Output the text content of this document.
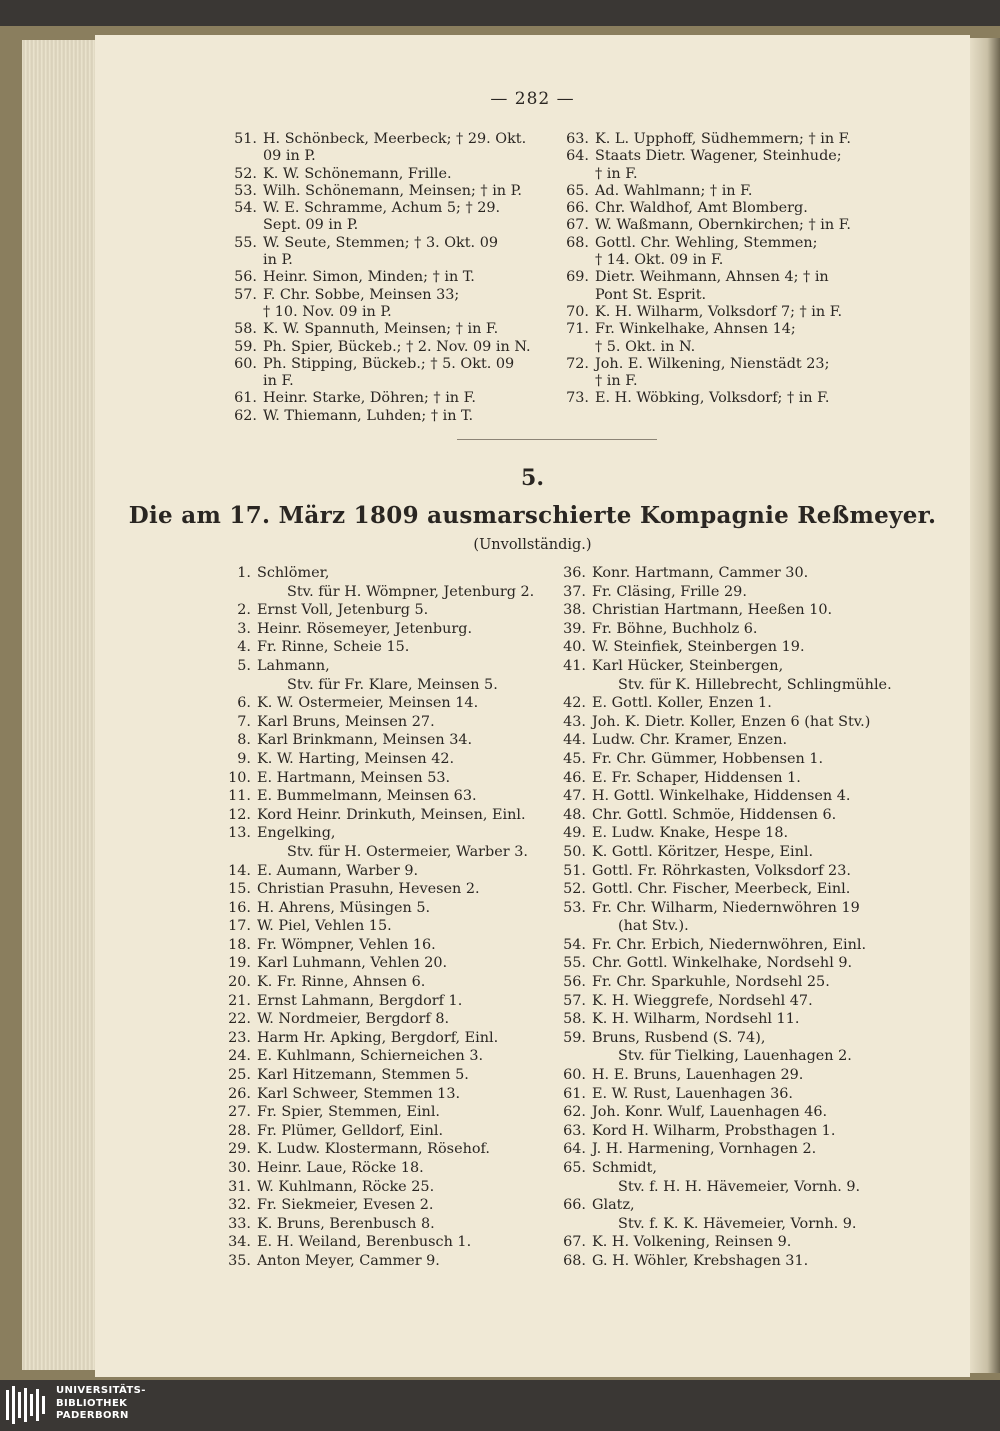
— 282 —
51. H. Schönbeck, Meerbeck; † 29. Okt.
09 in P.
52. K. W. Schönemann, Frille.
53. Wilh. Schönemann, Meinsen; † in P.
54. W. E. Schramme, Achum 5; † 29.
Sept. 09 in P.
55. W. Seute, Stemmen; † 3. Okt. 09
in P.
56. Heinr. Simon, Minden; † in T.
57. F. Chr. Sobbe, Meinsen 33;
† 10. Nov. 09 in P.
58. K. W. Spannuth, Meinsen; † in F.
59. Ph. Spier, Bückeb.; † 2. Nov. 09 in N.
60. Ph. Stipping, Bückeb.; † 5. Okt. 09
in F.
61. Heinr. Starke, Döhren; † in F.
62. W. Thiemann, Luhden; † in T.
63. K. L. Upphoff, Südhemmern; † in F.
64. Staats Dietr. Wagener, Steinhude;
† in F.
65. Ad. Wahlmann; † in F.
66. Chr. Waldhof, Amt Blomberg.
67. W. Waßmann, Obernkirchen; † in F.
68. Gottl. Chr. Wehling, Stemmen;
† 14. Okt. 09 in F.
69. Dietr. Weihmann, Ahnsen 4; † in
Pont St. Esprit.
70. K. H. Wilharm, Volksdorf 7; † in F.
71. Fr. Winkelhake, Ahnsen 14;
† 5. Okt. in N.
72. Joh. E. Wilkening, Nienstädt 23;
† in F.
73. E. H. Wöbking, Volksdorf; † in F.
5.
Die am 17. März 1809 ausmarschierte Kompagnie Reßmeyer.
(Unvollständig.)
1. Schlömer,
Stv. für H. Wömpner, Jetenburg 2.
2. Ernst Voll, Jetenburg 5.
3. Heinr. Rösemeyer, Jetenburg.
4. Fr. Rinne, Scheie 15.
5. Lahmann,
Stv. für Fr. Klare, Meinsen 5.
6. K. W. Ostermeier, Meinsen 14.
7. Karl Bruns, Meinsen 27.
8. Karl Brinkmann, Meinsen 34.
9. K. W. Harting, Meinsen 42.
10. E. Hartmann, Meinsen 53.
11. E. Bummelmann, Meinsen 63.
12. Kord Heinr. Drinkuth, Meinsen, Einl.
13. Engelking,
Stv. für H. Ostermeier, Warber 3.
14. E. Aumann, Warber 9.
15. Christian Prasuhn, Hevesen 2.
16. H. Ahrens, Müsingen 5.
17. W. Piel, Vehlen 15.
18. Fr. Wömpner, Vehlen 16.
19. Karl Luhmann, Vehlen 20.
20. K. Fr. Rinne, Ahnsen 6.
21. Ernst Lahmann, Bergdorf 1.
22. W. Nordmeier, Bergdorf 8.
23. Harm Hr. Apking, Bergdorf, Einl.
24. E. Kuhlmann, Schierneichen 3.
25. Karl Hitzemann, Stemmen 5.
26. Karl Schweer, Stemmen 13.
27. Fr. Spier, Stemmen, Einl.
28. Fr. Plümer, Gelldorf, Einl.
29. K. Ludw. Klostermann, Rösehof.
30. Heinr. Laue, Röcke 18.
31. W. Kuhlmann, Röcke 25.
32. Fr. Siekmeier, Evesen 2.
33. K. Bruns, Berenbusch 8.
34. E. H. Weiland, Berenbusch 1.
35. Anton Meyer, Cammer 9.
36. Konr. Hartmann, Cammer 30.
37. Fr. Cläsing, Frille 29.
38. Christian Hartmann, Heeßen 10.
39. Fr. Böhne, Buchholz 6.
40. W. Steinfiek, Steinbergen 19.
41. Karl Hücker, Steinbergen,
Stv. für K. Hillebrecht, Schlingmühle.
42. E. Gottl. Koller, Enzen 1.
43. Joh. K. Dietr. Koller, Enzen 6 (hat Stv.)
44. Ludw. Chr. Kramer, Enzen.
45. Fr. Chr. Gümmer, Hobbensen 1.
46. E. Fr. Schaper, Hiddensen 1.
47. H. Gottl. Winkelhake, Hiddensen 4.
48. Chr. Gottl. Schmöe, Hiddensen 6.
49. E. Ludw. Knake, Hespe 18.
50. K. Gottl. Köritzer, Hespe, Einl.
51. Gottl. Fr. Röhrkasten, Volksdorf 23.
52. Gottl. Chr. Fischer, Meerbeck, Einl.
53. Fr. Chr. Wilharm, Niedernwöhren 19
(hat Stv.).
54. Fr. Chr. Erbich, Niedernwöhren, Einl.
55. Chr. Gottl. Winkelhake, Nordsehl 9.
56. Fr. Chr. Sparkuhle, Nordsehl 25.
57. K. H. Wieggrefe, Nordsehl 47.
58. K. H. Wilharm, Nordsehl 11.
59. Bruns, Rusbend (S. 74),
Stv. für Tielking, Lauenhagen 2.
60. H. E. Bruns, Lauenhagen 29.
61. E. W. Rust, Lauenhagen 36.
62. Joh. Konr. Wulf, Lauenhagen 46.
63. Kord H. Wilharm, Probsthagen 1.
64. J. H. Harmening, Vornhagen 2.
65. Schmidt,
Stv. f. H. H. Hävemeier, Vornh. 9.
66. Glatz,
Stv. f. K. K. Hävemeier, Vornh. 9.
67. K. H. Volkening, Reinsen 9.
68. G. H. Wöhler, Krebshagen 31.
UNIVERSITÄTS-
BIBLIOTHEK
PADERBORN
